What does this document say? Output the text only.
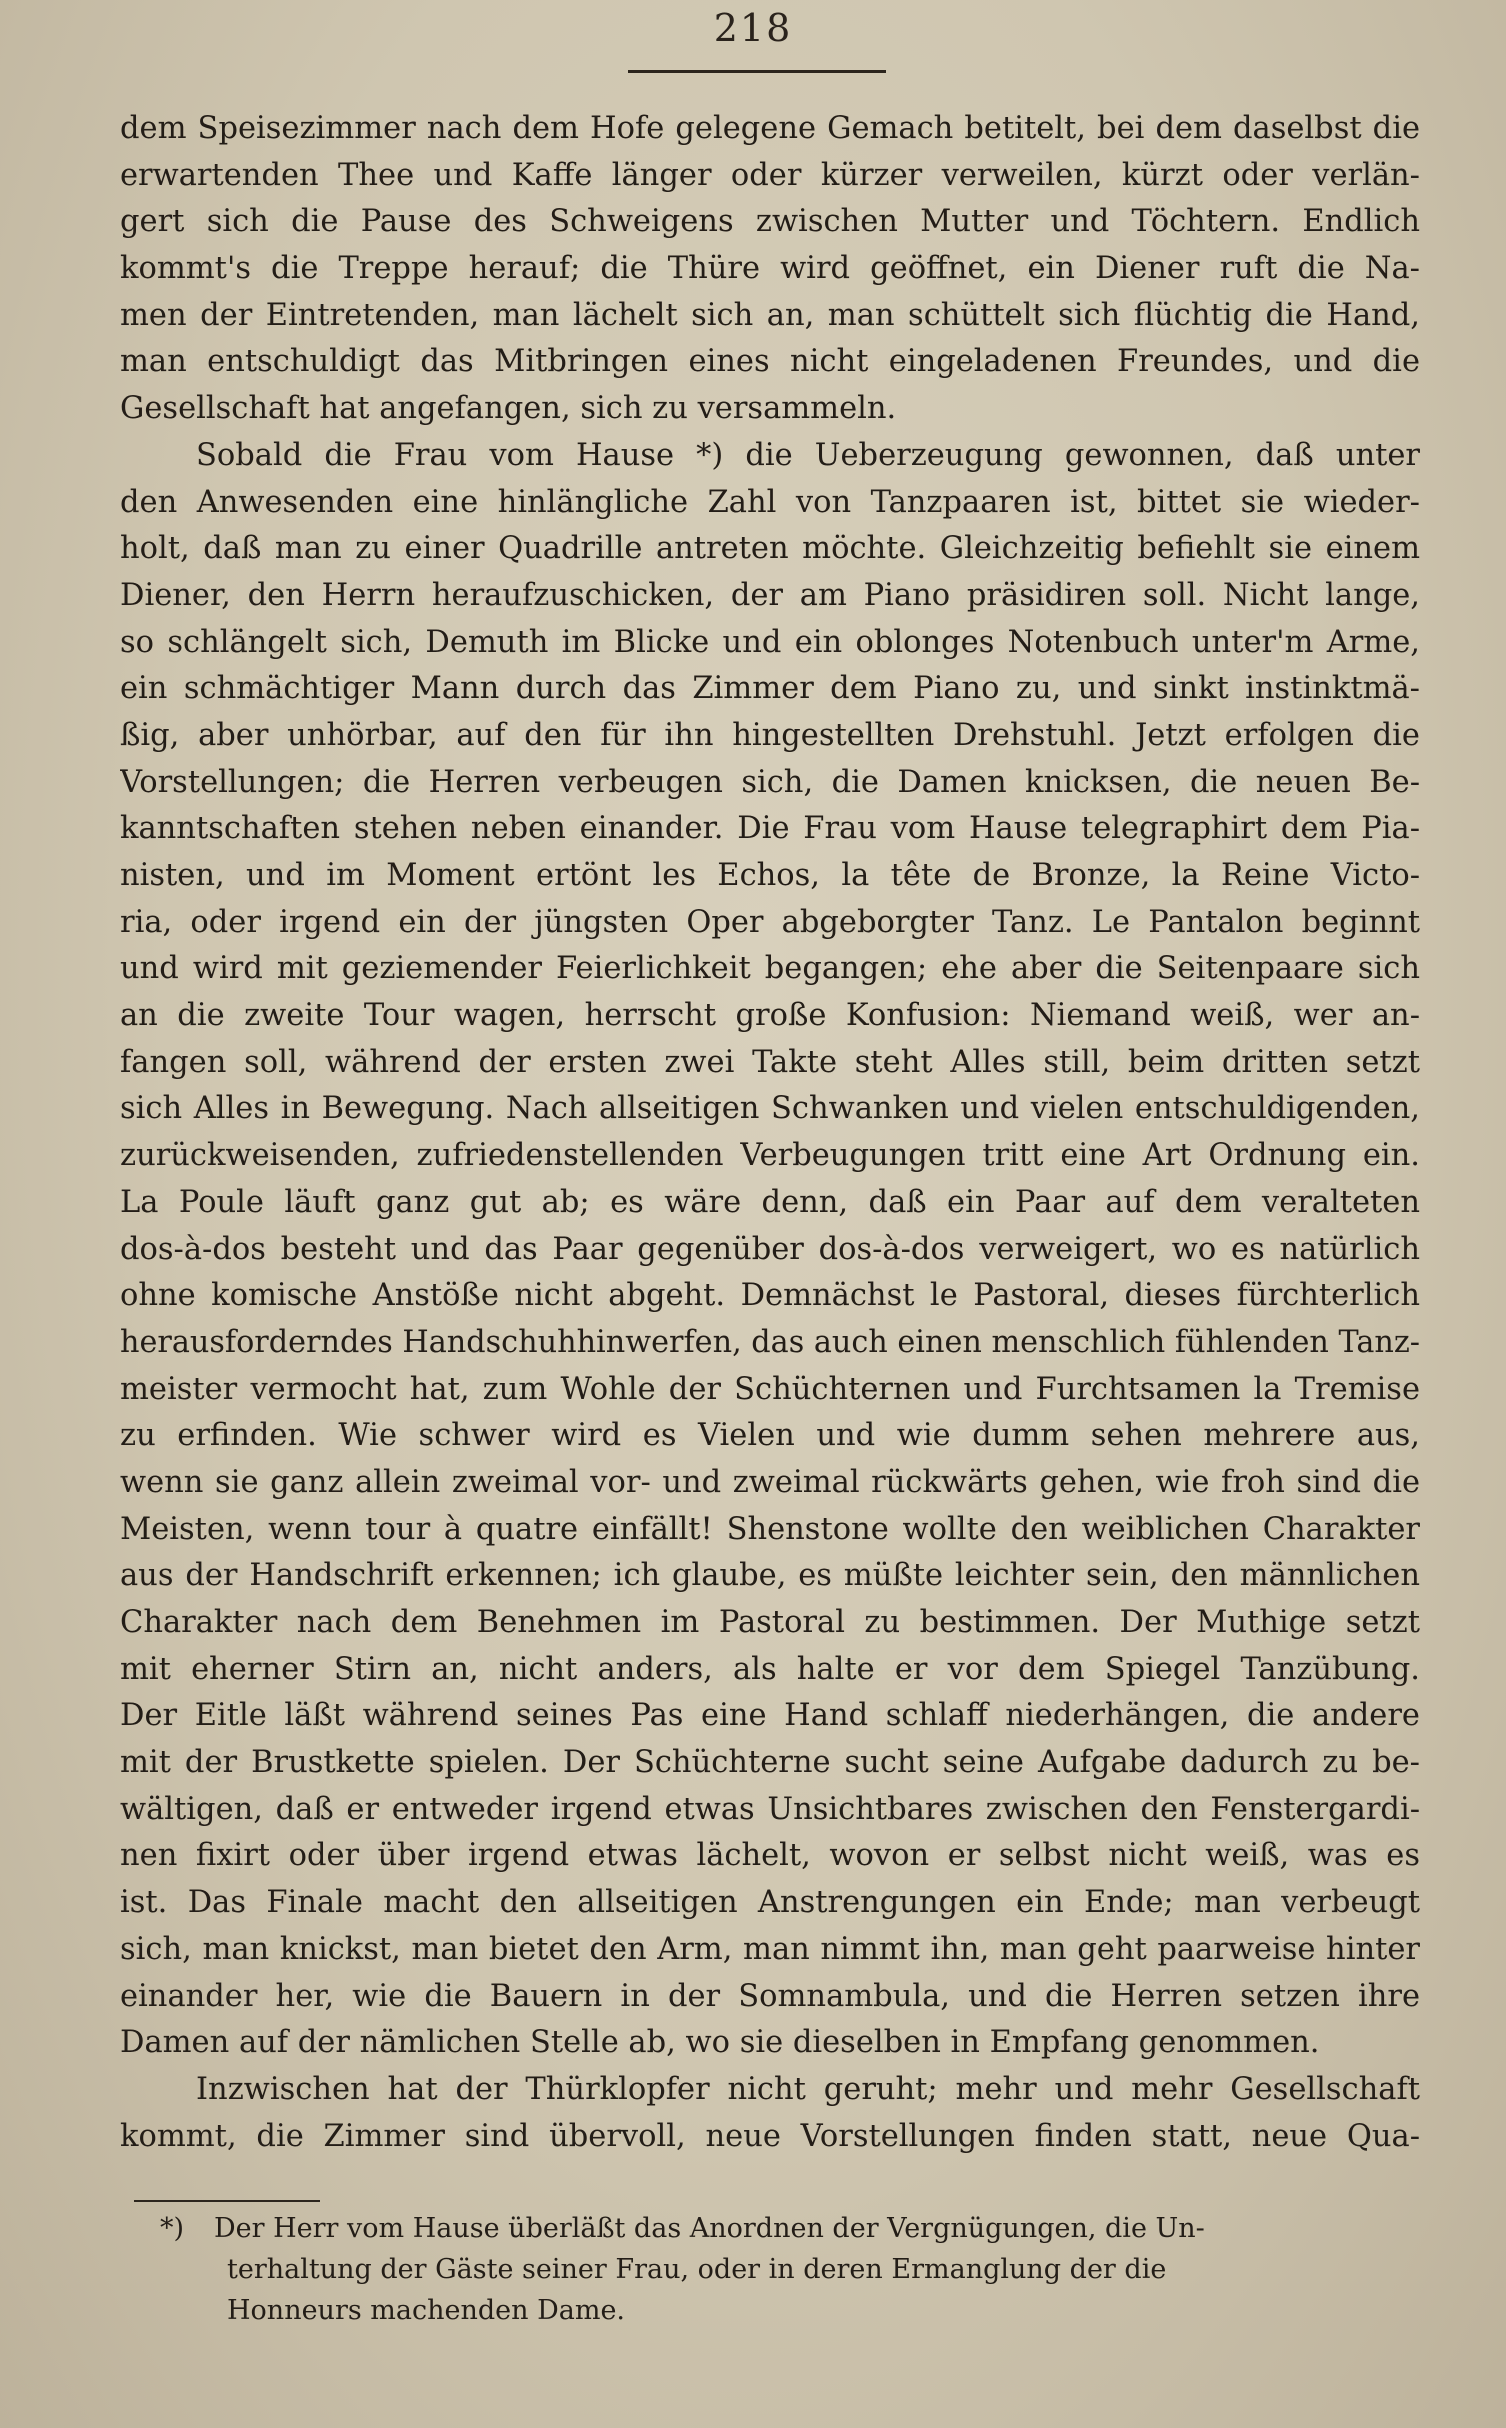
218
dem Speisezimmer nach dem Hofe gelegene Gemach betitelt, bei dem daselbst die
erwartenden Thee und Kaffe länger oder kürzer verweilen, kürzt oder verlän-
gert sich die Pause des Schweigens zwischen Mutter und Töchtern. Endlich
kommt's die Treppe herauf; die Thüre wird geöffnet, ein Diener ruft die Na-
men der Eintretenden, man lächelt sich an, man schüttelt sich flüchtig die Hand,
man entschuldigt das Mitbringen eines nicht eingeladenen Freundes, und die
Gesellschaft hat angefangen, sich zu versammeln.
Sobald die Frau vom Hause *) die Ueberzeugung gewonnen, daß unter
den Anwesenden eine hinlängliche Zahl von Tanzpaaren ist, bittet sie wieder-
holt, daß man zu einer Quadrille antreten möchte. Gleichzeitig befiehlt sie einem
Diener, den Herrn heraufzuschicken, der am Piano präsidiren soll. Nicht lange,
so schlängelt sich, Demuth im Blicke und ein oblonges Notenbuch unter'm Arme,
ein schmächtiger Mann durch das Zimmer dem Piano zu, und sinkt instinktmä-
ßig, aber unhörbar, auf den für ihn hingestellten Drehstuhl. Jetzt erfolgen die
Vorstellungen; die Herren verbeugen sich, die Damen knicksen, die neuen Be-
kanntschaften stehen neben einander. Die Frau vom Hause telegraphirt dem Pia-
nisten, und im Moment ertönt les Echos, la tête de Bronze, la Reine Victo-
ria, oder irgend ein der jüngsten Oper abgeborgter Tanz. Le Pantalon beginnt
und wird mit geziemender Feierlichkeit begangen; ehe aber die Seitenpaare sich
an die zweite Tour wagen, herrscht große Konfusion: Niemand weiß, wer an-
fangen soll, während der ersten zwei Takte steht Alles still, beim dritten setzt
sich Alles in Bewegung. Nach allseitigen Schwanken und vielen entschuldigenden,
zurückweisenden, zufriedenstellenden Verbeugungen tritt eine Art Ordnung ein.
La Poule läuft ganz gut ab; es wäre denn, daß ein Paar auf dem veralteten
dos-à-dos besteht und das Paar gegenüber dos-à-dos verweigert, wo es natürlich
ohne komische Anstöße nicht abgeht. Demnächst le Pastoral, dieses fürchterlich
herausforderndes Handschuhhinwerfen, das auch einen menschlich fühlenden Tanz-
meister vermocht hat, zum Wohle der Schüchternen und Furchtsamen la Tremise
zu erfinden. Wie schwer wird es Vielen und wie dumm sehen mehrere aus,
wenn sie ganz allein zweimal vor- und zweimal rückwärts gehen, wie froh sind die
Meisten, wenn tour à quatre einfällt! Shenstone wollte den weiblichen Charakter
aus der Handschrift erkennen; ich glaube, es müßte leichter sein, den männlichen
Charakter nach dem Benehmen im Pastoral zu bestimmen. Der Muthige setzt
mit eherner Stirn an, nicht anders, als halte er vor dem Spiegel Tanzübung.
Der Eitle läßt während seines Pas eine Hand schlaff niederhängen, die andere
mit der Brustkette spielen. Der Schüchterne sucht seine Aufgabe dadurch zu be-
wältigen, daß er entweder irgend etwas Unsichtbares zwischen den Fenstergardi-
nen fixirt oder über irgend etwas lächelt, wovon er selbst nicht weiß, was es
ist. Das Finale macht den allseitigen Anstrengungen ein Ende; man verbeugt
sich, man knickst, man bietet den Arm, man nimmt ihn, man geht paarweise hinter
einander her, wie die Bauern in der Somnambula, und die Herren setzen ihre
Damen auf der nämlichen Stelle ab, wo sie dieselben in Empfang genommen.
Inzwischen hat der Thürklopfer nicht geruht; mehr und mehr Gesellschaft
kommt, die Zimmer sind übervoll, neue Vorstellungen finden statt, neue Qua-
*) Der Herr vom Hause überläßt das Anordnen der Vergnügungen, die Un-
terhaltung der Gäste seiner Frau, oder in deren Ermanglung der die
Honneurs machenden Dame.
